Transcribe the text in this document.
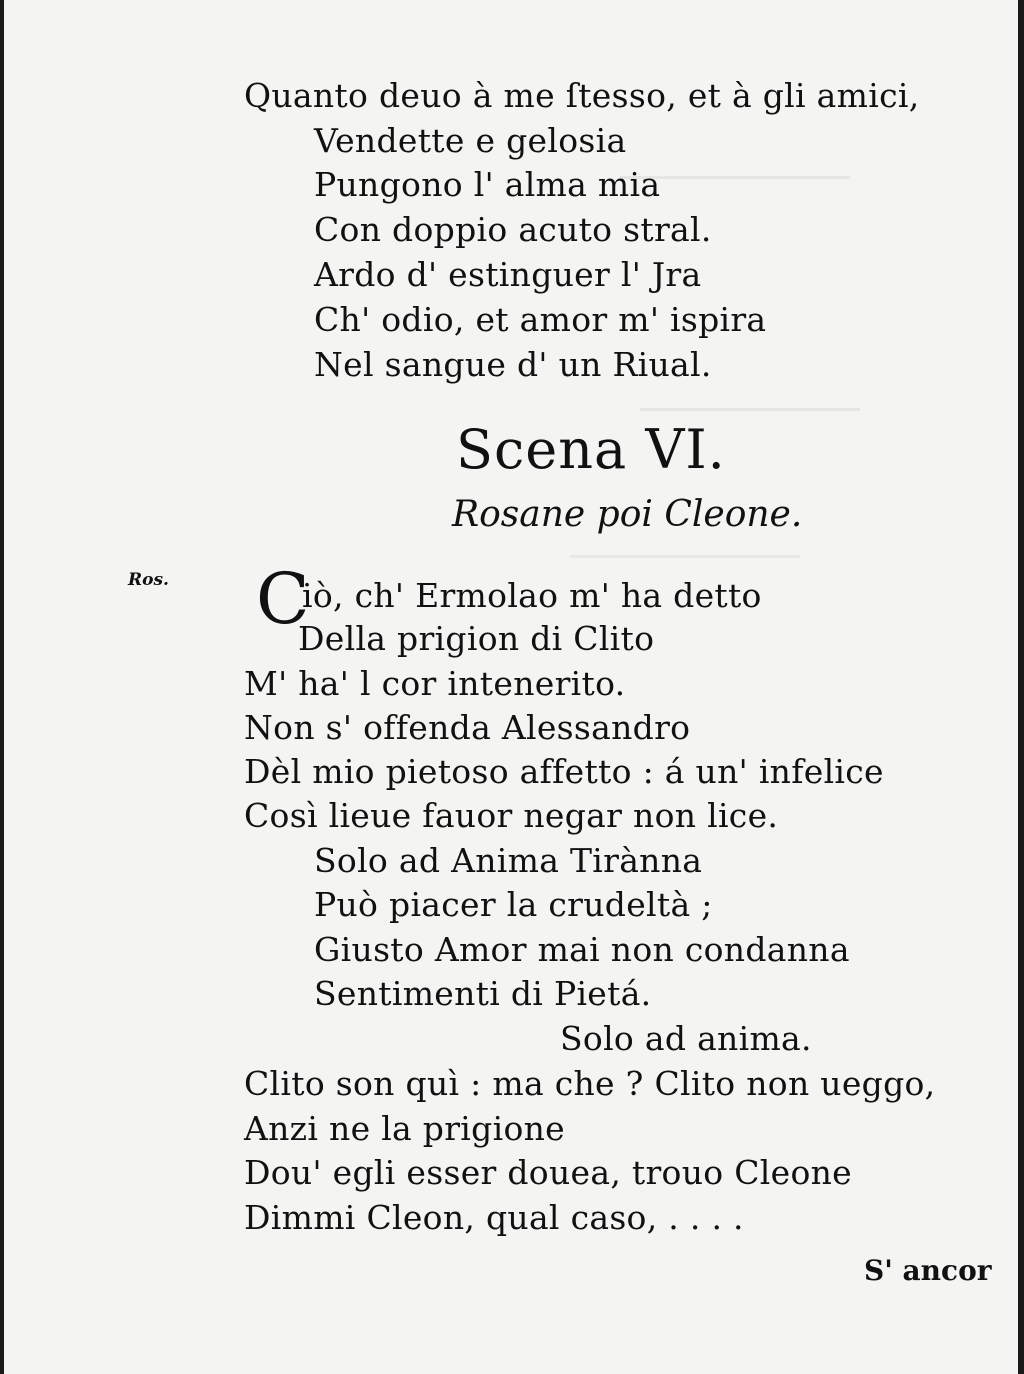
Quanto deuo à me ſtesso, et à gli amici,
Vendette e gelosia
Pungono l' alma mia
Con doppio acuto stral.
Ardo d' estinguer l' Jra
Ch' odio, et amor m' ispira
Nel sangue d' un Riual.
Scena VI.
Rosane poi Cleone.
Ros. C
iò, ch' Ermolao m' ha detto
Della prigion di Clito
M' ha' l cor intenerito.
Non s' offenda Alessandro
Dèl mio pietoso affetto : á un' infelice
Così lieue fauor negar non lice.
Solo ad Anima Tirànna
Può piacer la crudeltà ;
Giusto Amor mai non condanna
Sentimenti di Pietá.
Solo ad anima.
Clito son quì : ma che ? Clito non ueggo,
Anzi ne la prigione
Dou' egli esser douea, trouo Cleone
Dimmi Cleon, qual caso, . . . .
S' ancor
